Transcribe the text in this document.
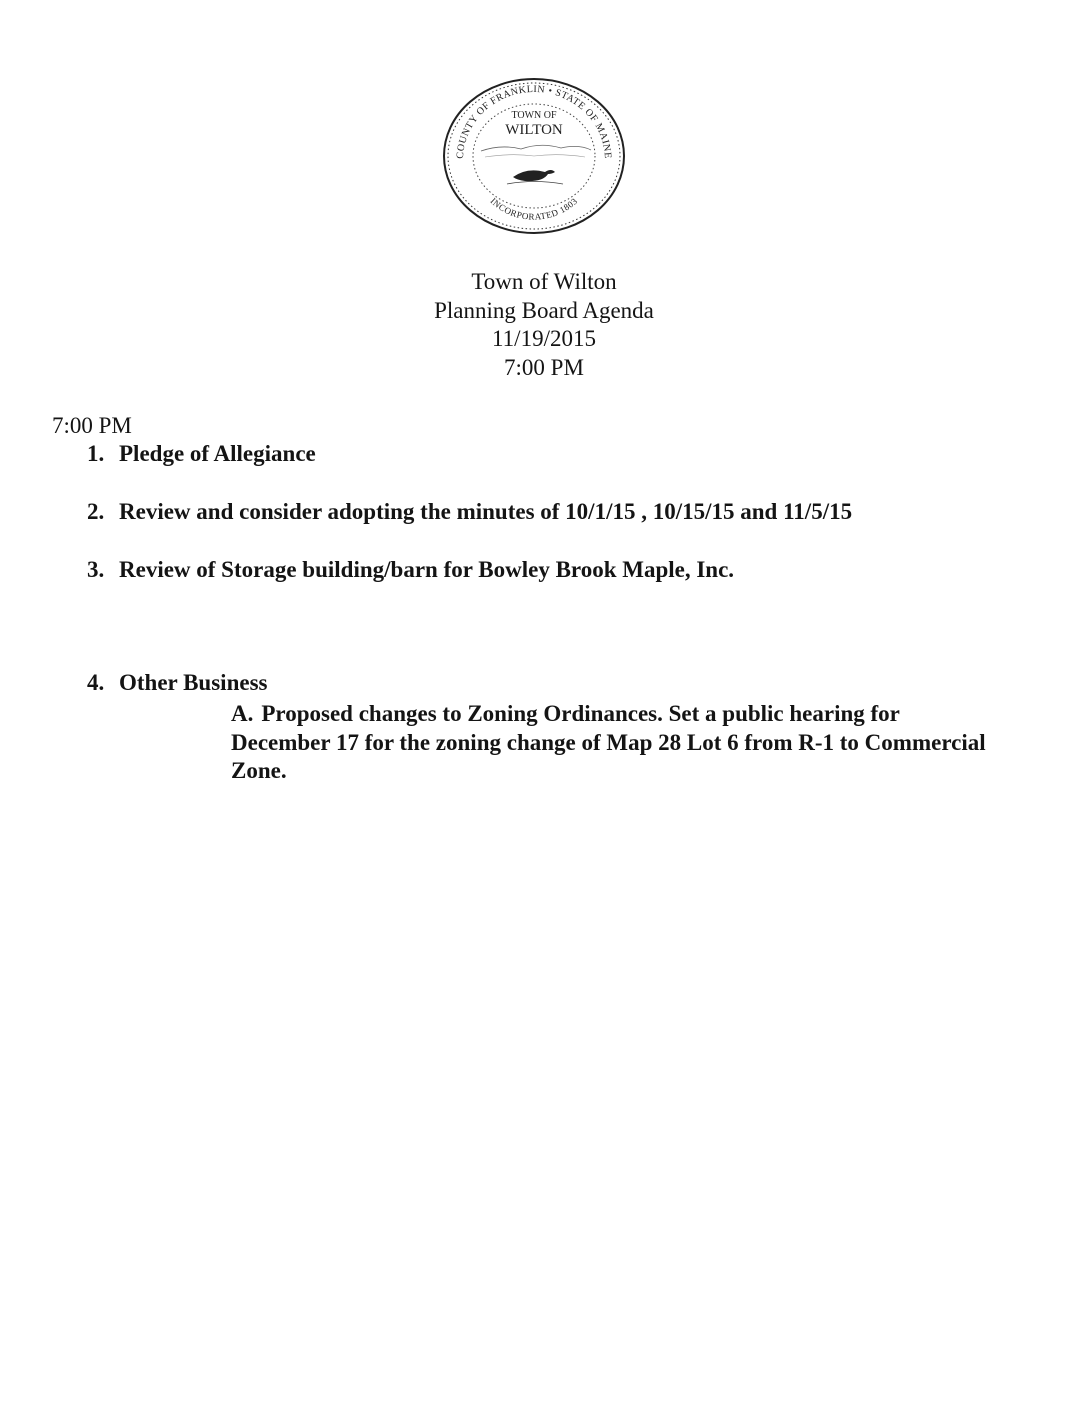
COUNTY OF FRANKLIN • STATE OF MAINE
INCORPORATED 1803
TOWN OF
WILTON
Town of Wilton
Planning Board Agenda
11/19/2015
7:00 PM
7:00 PM
1. Pledge of Allegiance
2. Review and consider adopting the minutes of 10/1/15 , 10/15/15 and 11/5/15
3. Review of Storage building/barn for Bowley Brook Maple, Inc.
4. Other Business
A. Proposed changes to Zoning Ordinances. Set a public hearing for December 17 for the zoning change of Map 28 Lot 6 from R-1 to Commercial Zone.
